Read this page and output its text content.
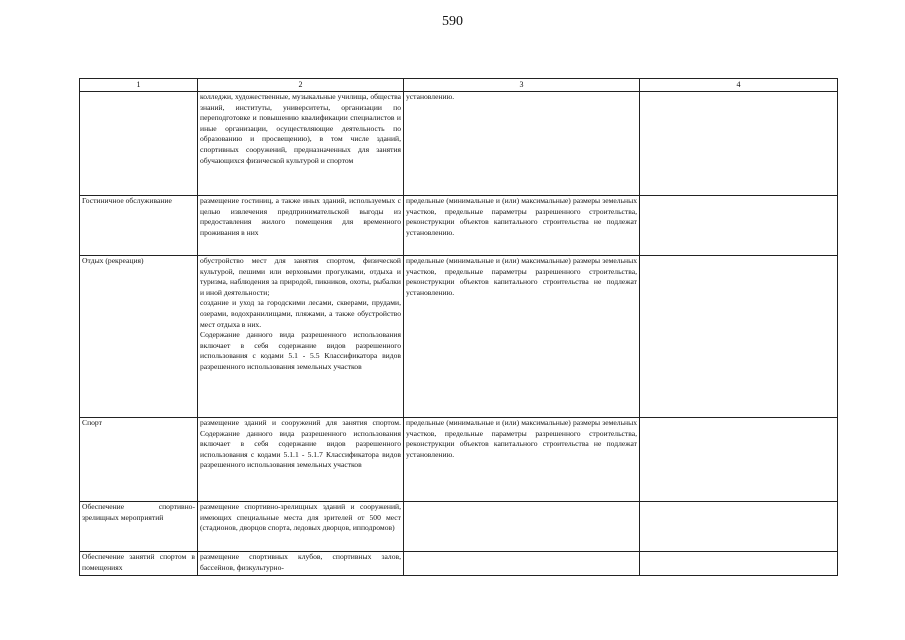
590
1	2	3	4

	колледжи, художественные, музыкальные училища, общества знаний, институты, университеты, организации по переподготовке и повышению квалификации специалистов и иные организации, осуществляющие деятельность по образованию и просвещению), в том числе зданий, спортивных сооружений, предназначенных для занятия обучающихся физической культурой и спортом	установлению.	
Гостиничное обслуживание	размещение гостиниц, а также иных зданий, используемых с целью извлечения предпринимательской выгоды из предоставления жилого помещения для временного проживания в них	предельные (минимальные и (или) максимальные) размеры земельных участков, предельные параметры разрешенного строительства, реконструкции объектов капитального строительства не подлежат установлению.	
Отдых (рекреация)	обустройство мест для занятия спортом, физической культурой, пешими или верховыми прогулками, отдыха и туризма, наблюдения за природой, пикников, охоты, рыбалки и иной деятельности;
создание и уход за городскими лесами, скверами, прудами, озерами, водохранилищами, пляжами, а также обустройство мест отдыха в них.
Содержание данного вида разрешенного использования включает в себя содержание видов разрешенного использования с кодами 5.1 - 5.5 Классификатора видов разрешенного использования земельных участков	предельные (минимальные и (или) максимальные) размеры земельных участков, предельные параметры разрешенного строительства, реконструкции объектов капитального строительства не подлежат установлению.	
Спорт	размещение зданий и сооружений для занятия спортом. Содержание данного вида разрешенного использования включает в себя содержание видов разрешенного использования с кодами 5.1.1 - 5.1.7 Классификатора видов разрешенного использования земельных участков	предельные (минимальные и (или) максимальные) размеры земельных участков, предельные параметры разрешенного строительства, реконструкции объектов капитального строительства не подлежат установлению.	
Обеспечение спортивно-зрелищных мероприятий	размещение спортивно-зрелищных зданий и сооружений, имеющих специальные места для зрителей от 500 мест (стадионов, дворцов спорта, ледовых дворцов, ипподромов)		

Обеспечение занятий спортом в помещениях	размещение спортивных клубов, спортивных залов, бассейнов, физкультурно-		
